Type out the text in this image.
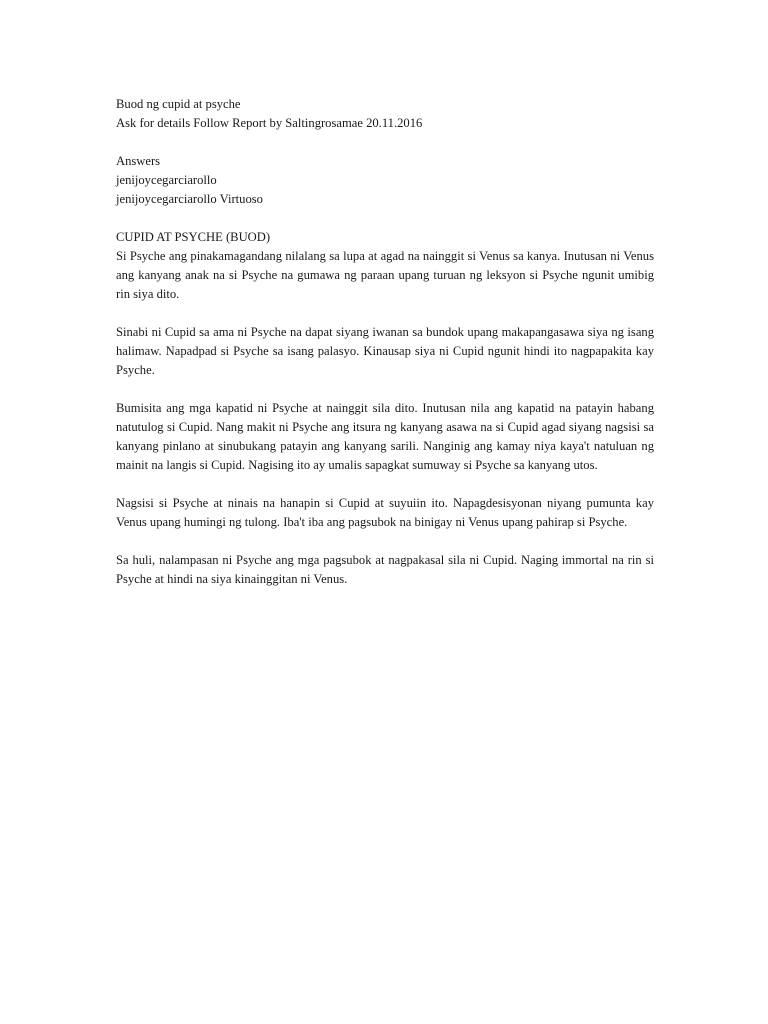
Buod ng cupid at psyche
Ask for details Follow Report by Saltingrosamae 20.11.2016
Answers
jenijoycegarciarollo
jenijoycegarciarollo Virtuoso
CUPID AT PSYCHE (BUOD)

Si Psyche ang pinakamagandang nilalang sa lupa at agad na nainggit si Venus sa kanya. Inutusan ni Venus ang kanyang anak na si Psyche na gumawa ng paraan upang turuan ng leksyon si Psyche ngunit umibig rin siya dito.

Sinabi ni Cupid sa ama ni Psyche na dapat siyang iwanan sa bundok upang makapangasawa siya ng isang halimaw. Napadpad si Psyche sa isang palasyo. Kinausap siya ni Cupid ngunit hindi ito nagpapakita kay Psyche.

Bumisita ang mga kapatid ni Psyche at nainggit sila dito. Inutusan nila ang kapatid na patayin habang natutulog si Cupid. Nang makit ni Psyche ang itsura ng kanyang asawa na si Cupid agad siyang nagsisi sa kanyang pinlano at sinubukang patayin ang kanyang sarili. Nanginig ang kamay niya kaya't natuluan ng mainit na langis si Cupid. Nagising ito ay umalis sapagkat sumuway si Psyche sa kanyang utos.

Nagsisi si Psyche at ninais na hanapin si Cupid at suyuiin ito. Napagdesisyonan niyang pumunta kay Venus upang humingi ng tulong. Iba't iba ang pagsubok na binigay ni Venus upang pahirap si Psyche.

Sa huli, nalampasan ni Psyche ang mga pagsubok at nagpakasal sila ni Cupid. Naging immortal na rin si Psyche at hindi na siya kinainggitan ni Venus.
